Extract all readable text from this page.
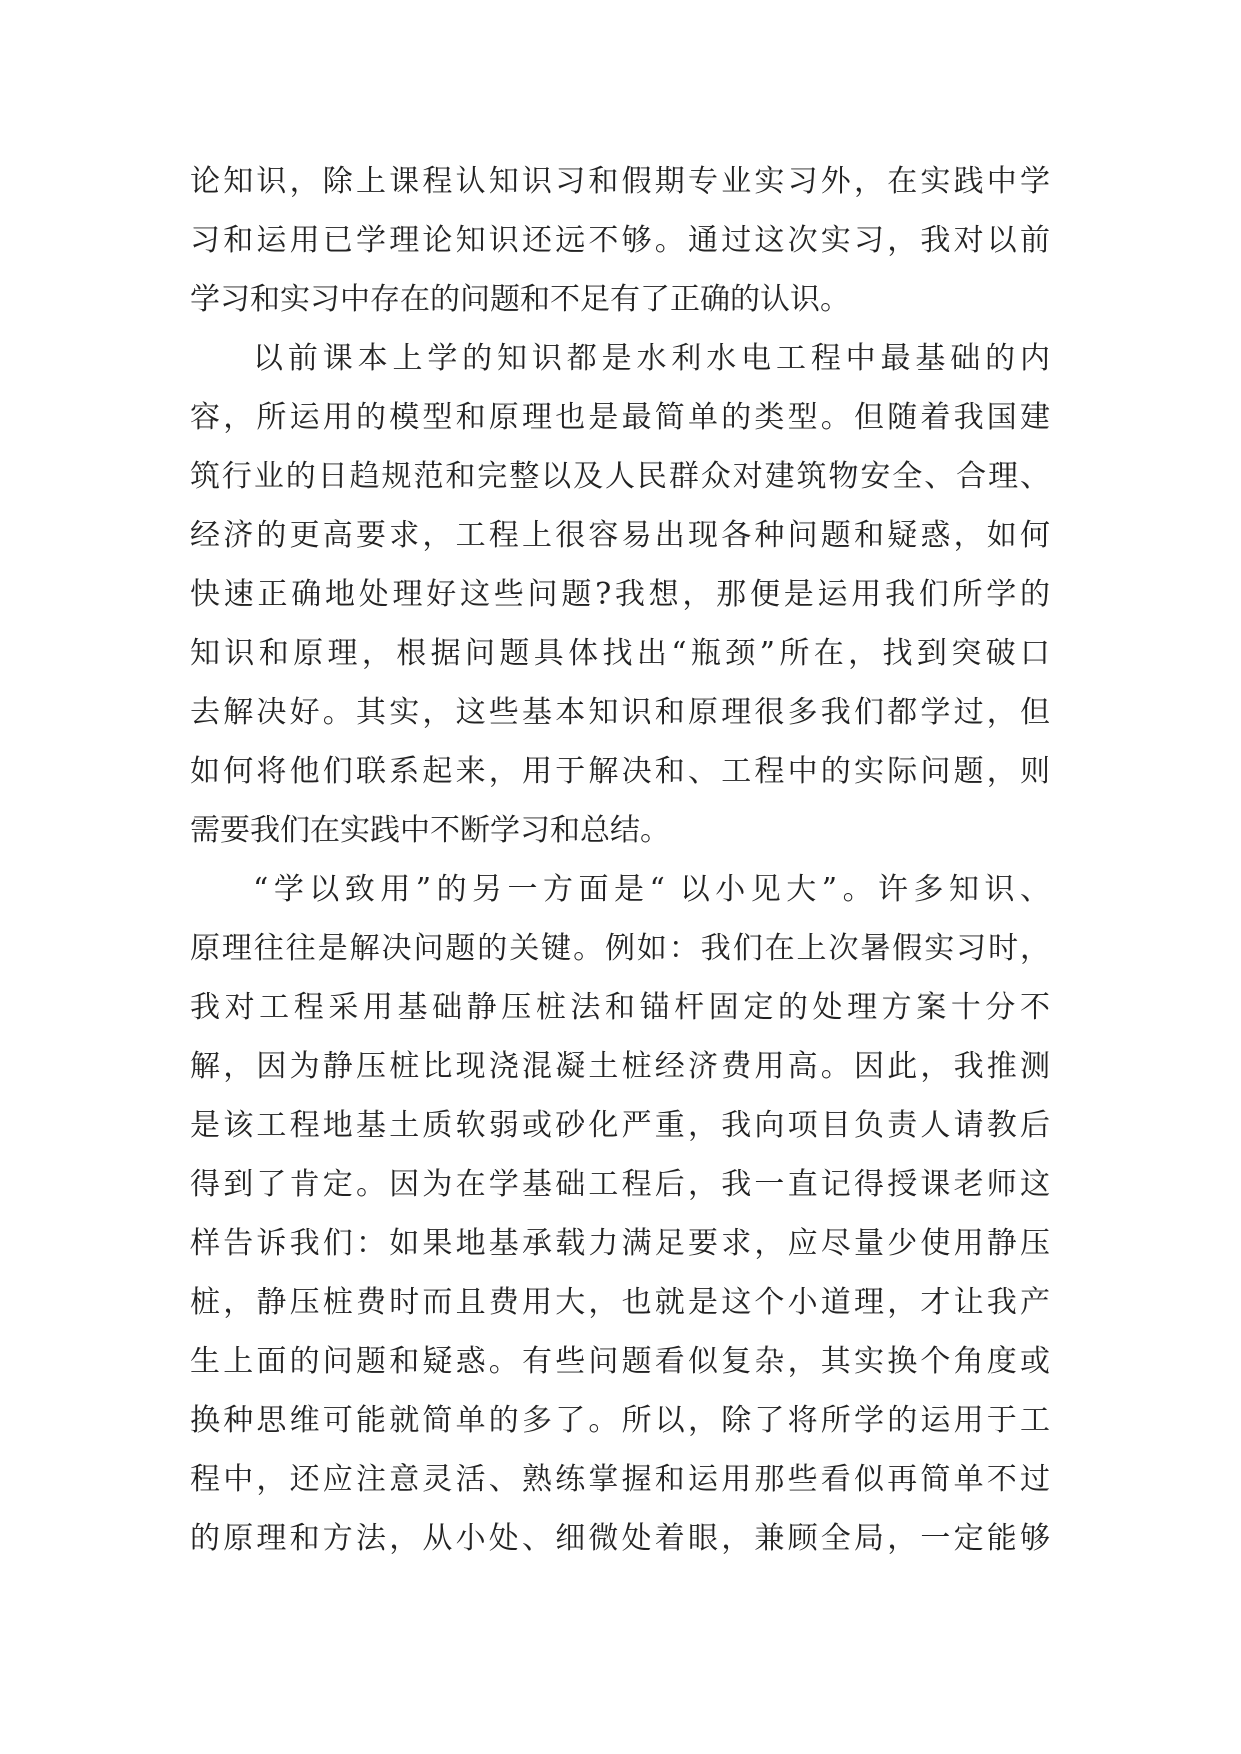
论知识，除上课程认知识习和假期专业实习外，在实践中学
习和运用已学理论知识还远不够。通过这次实习，我对以前
学习和实习中存在的问题和不足有了正确的认识。
以前课本上学的知识都是水利水电工程中最基础的内
容，所运用的模型和原理也是最简单的类型。但随着我国建
筑行业的日趋规范和完整以及人民群众对建筑物安全、合理、
经济的更高要求，工程上很容易出现各种问题和疑惑，如何
快速正确地处理好这些问题?我想，那便是运用我们所学的
知识和原理，根据问题具体找出“瓶颈”所在，找到突破口
去解决好。其实，这些基本知识和原理很多我们都学过，但
如何将他们联系起来，用于解决和、工程中的实际问题，则
需要我们在实践中不断学习和总结。
“学以致用”的另一方面是“ 以小见大”。许多知识、
原理往往是解决问题的关键。例如：我们在上次暑假实习时，
我对工程采用基础静压桩法和锚杆固定的处理方案十分不
解，因为静压桩比现浇混凝土桩经济费用高。因此，我推测
是该工程地基土质软弱或砂化严重，我向项目负责人请教后
得到了肯定。因为在学基础工程后，我一直记得授课老师这
样告诉我们：如果地基承载力满足要求，应尽量少使用静压
桩，静压桩费时而且费用大，也就是这个小道理，才让我产
生上面的问题和疑惑。有些问题看似复杂，其实换个角度或
换种思维可能就简单的多了。所以，除了将所学的运用于工
程中，还应注意灵活、熟练掌握和运用那些看似再简单不过
的原理和方法，从小处、细微处着眼，兼顾全局，一定能够
